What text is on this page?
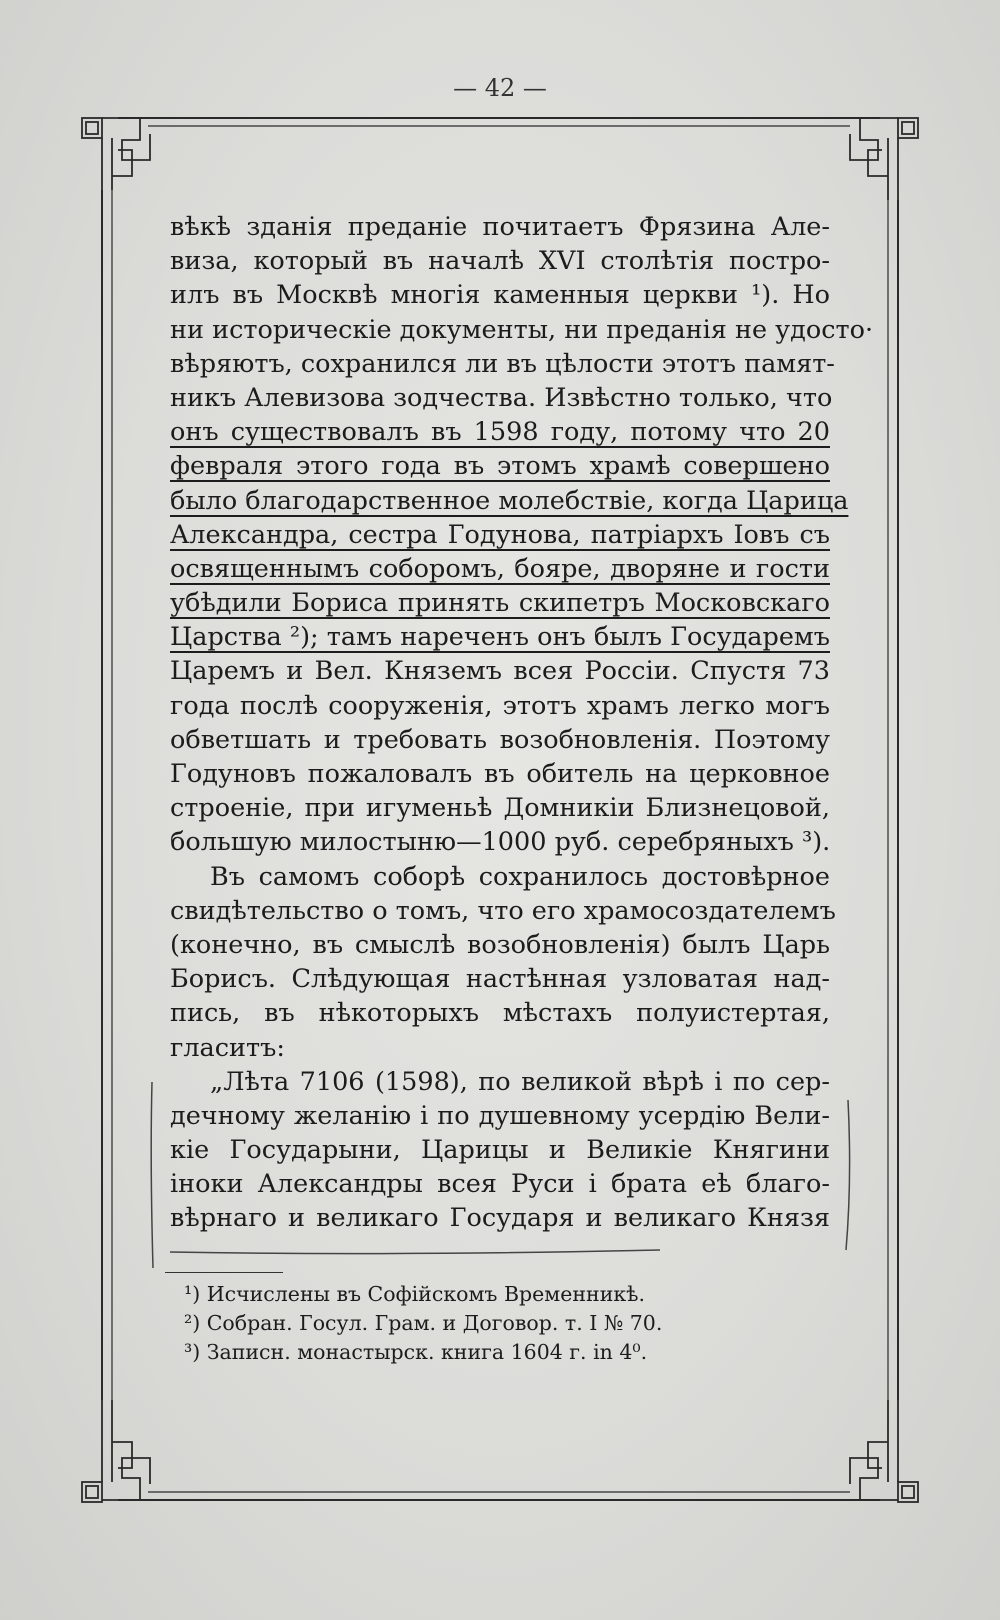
— 42 —
вѣкѣ зданія преданіе почитаетъ Фрязина Але-
виза, который въ началѣ XVI столѣтія постро-
илъ въ Москвѣ многія каменныя церкви ¹). Но
ни историческіе документы, ни преданія не удосто·
вѣряютъ, сохранился ли въ цѣлости этотъ памят-
никъ Алевизова зодчества. Извѣстно только, что
онъ существовалъ въ 1598 году, потому что 20
февраля этого года въ этомъ храмѣ совершено
было благодарственное молебствіе, когда Царица
Александра, сестра Годунова, патріархъ Іовъ съ
освященнымъ соборомъ, бояре, дворяне и гости
убѣдили Бориса принять скипетръ Московскаго
Царства ²); тамъ нареченъ онъ былъ Государемъ
Царемъ и Вел. Княземъ всея Россіи. Спустя 73
года послѣ сооруженія, этотъ храмъ легко могъ
обветшать и требовать возобновленія. Поэтому
Годуновъ пожаловалъ въ обитель на церковное
строеніе, при игуменьѣ Домникіи Близнецовой,
большую милостыню—1000 руб. серебряныхъ ³).
Въ самомъ соборѣ сохранилось достовѣрное
свидѣтельство о томъ, что его храмосоздателемъ
(конечно, въ смыслѣ возобновленія) былъ Царь
Борисъ. Слѣдующая настѣнная узловатая над-
пись, въ нѣкоторыхъ мѣстахъ полуистертая,
гласитъ:
„Лѣта 7106 (1598), по великой вѣрѣ і по сер-
дечному желанію і по душевному усердію Вели-
кіе Государыни, Царицы и Великіе Княгини
іноки Александры всея Руси і брата еѣ благо-
вѣрнаго и великаго Государя и великаго Князя
¹) Исчислены въ Софійскомъ Временникѣ.
²) Собран. Госул. Грам. и Договор. т. I № 70.
³) Записн. монастырск. книга 1604 г. in 4⁰.
